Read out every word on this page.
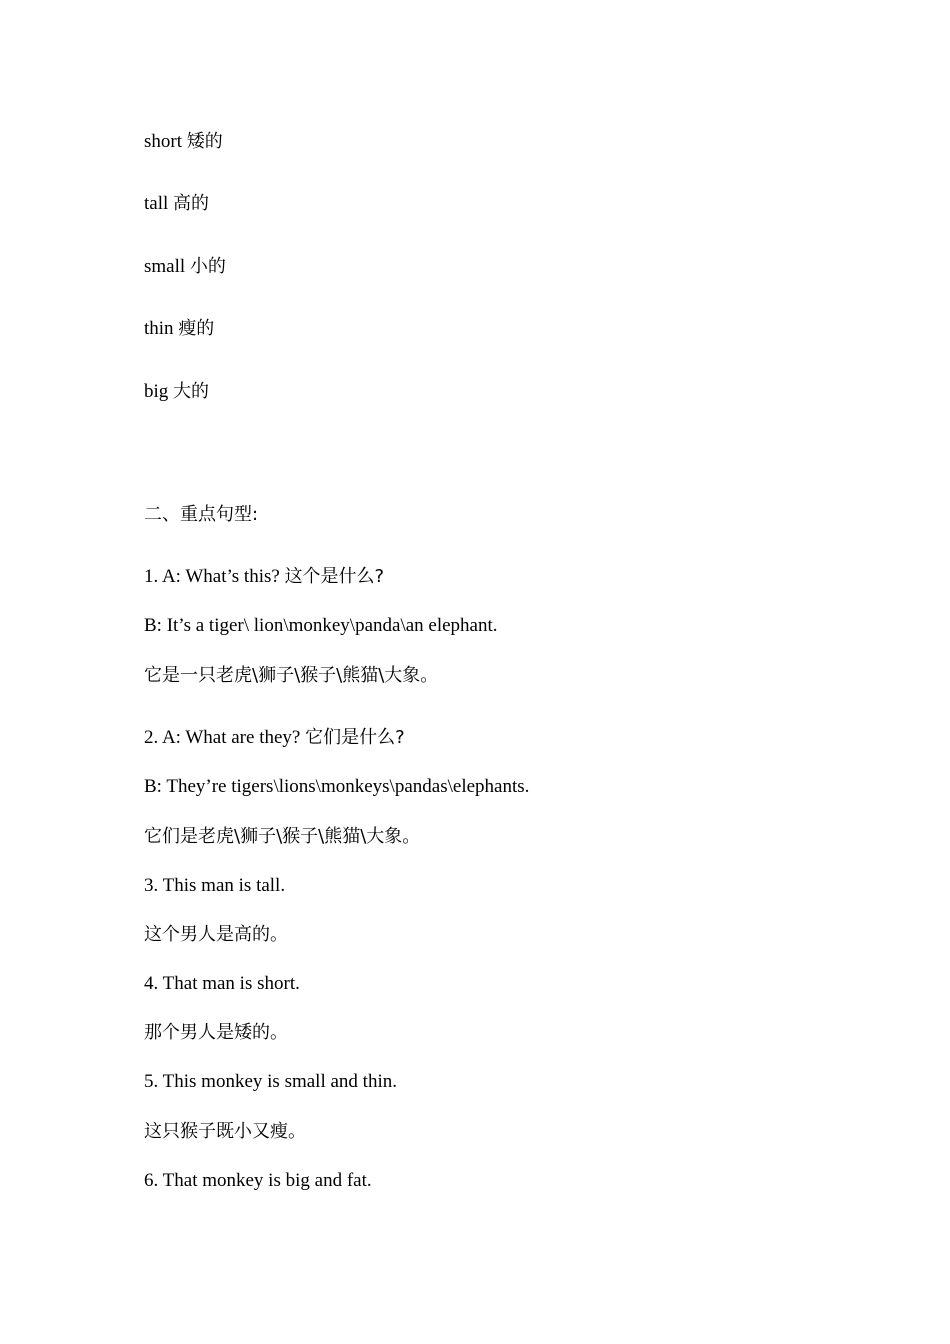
short 矮的
tall 高的
small 小的
thin 瘦的
big 大的
二、重点句型:
1. A: What’s this? 这个是什么?
B: It’s a tiger\ lion\monkey\panda\an elephant.
它是一只老虎\狮子\猴子\熊猫\大象。
2. A: What are they? 它们是什么?
B: They’re tigers\lions\monkeys\pandas\elephants.
它们是老虎\狮子\猴子\熊猫\大象。
3. This man is tall.
这个男人是高的。
4. That man is short.
那个男人是矮的。
5. This monkey is small and thin.
这只猴子既小又瘦。
6. That monkey is big and fat.
